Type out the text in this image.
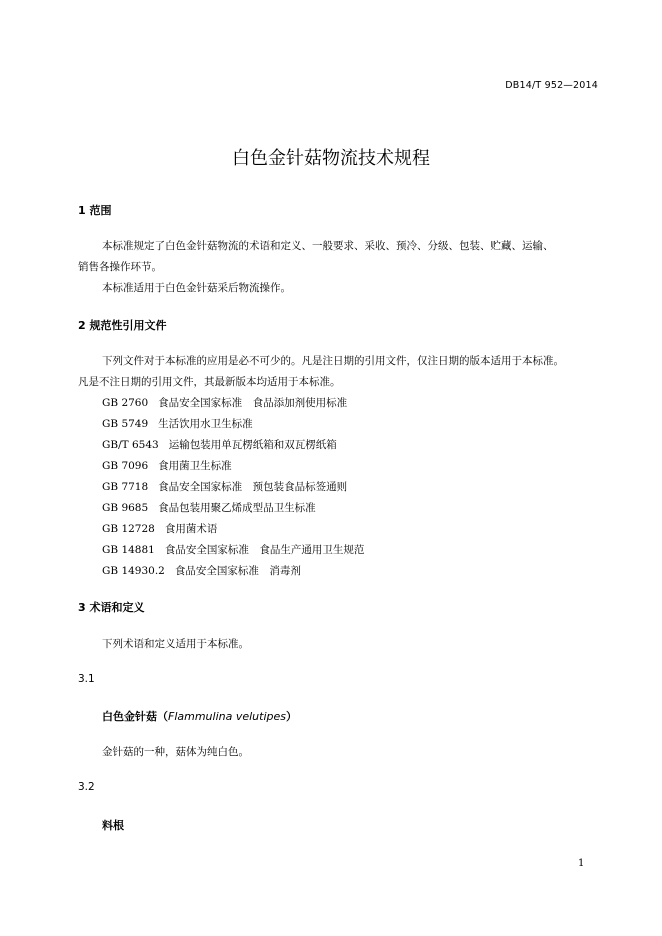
DB14/T 952—2014
白色金针菇物流技术规程
1 范围
本标准规定了白色金针菇物流的术语和定义、一般要求、采收、预冷、分级、包装、贮藏、运输、
销售各操作环节。
本标准适用于白色金针菇采后物流操作。
2 规范性引用文件
下列文件对于本标准的应用是必不可少的。凡是注日期的引用文件，仅注日期的版本适用于本标准。
凡是不注日期的引用文件，其最新版本均适用于本标准。
GB 2760 食品安全国家标准　食品添加剂使用标准
GB 5749 生活饮用水卫生标准
GB/T 6543 运输包装用单瓦楞纸箱和双瓦楞纸箱
GB 7096 食用菌卫生标准
GB 7718 食品安全国家标准　预包装食品标签通则
GB 9685 食品包装用聚乙烯成型品卫生标准
GB 12728 食用菌术语
GB 14881 食品安全国家标准　食品生产通用卫生规范
GB 14930.2 食品安全国家标准　消毒剂
3 术语和定义
下列术语和定义适用于本标准。
3.1
白色金针菇（Flammulina velutipes）
金针菇的一种，菇体为纯白色。
3.2
料根
1
